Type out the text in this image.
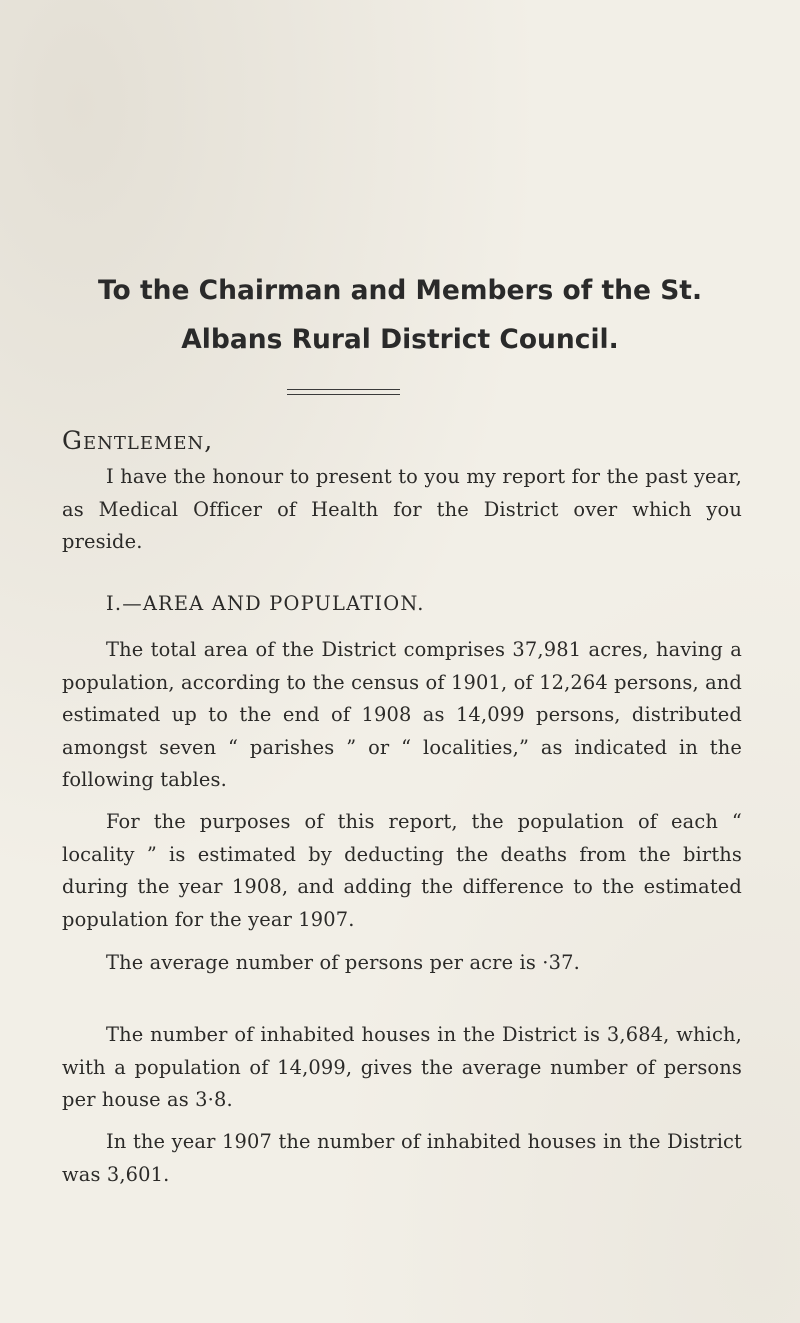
To the Chairman and Members of the St. Albans Rural District Council.

Gentlemen,

I have the honour to present to you my report for the past year, as Medical Officer of Health for the District over which you preside.

I.—AREA AND POPULATION.

The total area of the District comprises 37,981 acres, having a population, according to the census of 1901, of 12,264 persons, and estimated up to the end of 1908 as 14,099 persons, distributed amongst seven “ parishes ” or “ localities,” as indicated in the following tables.

For the purposes of this report, the population of each “ locality ” is estimated by deducting the deaths from the births during the year 1908, and adding the difference to the estimated population for the year 1907.

The average number of persons per acre is ·37.

The number of inhabited houses in the District is 3,684, which, with a population of 14,099, gives the average number of persons per house as 3·8.

In the year 1907 the number of inhabited houses in the District was 3,601.
